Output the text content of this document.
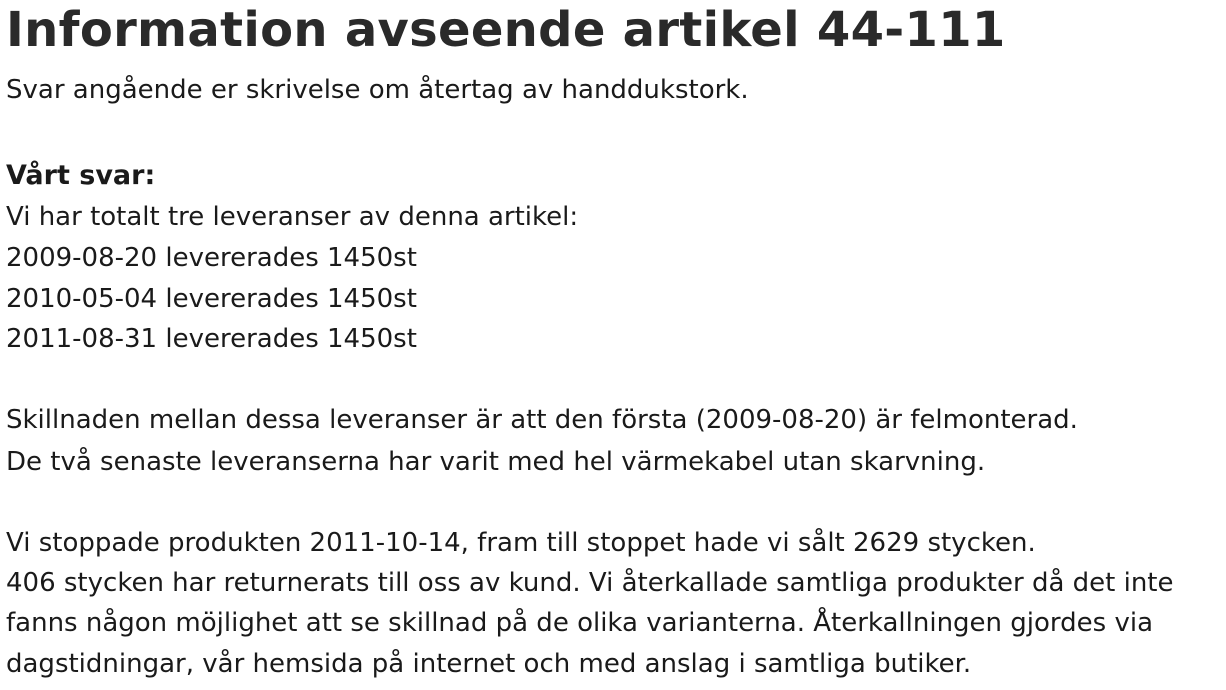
Information avseende artikel 44-111

Svar angående er skrivelse om återtag av handdukstork.

Vårt svar:

Vi har totalt tre leveranser av denna artikel:

2009-08-20 levererades 1450st

2010-05-04 levererades 1450st

2011-08-31 levererades 1450st

Skillnaden mellan dessa leveranser är att den första (2009-08-20) är felmonterad.

De två senaste leveranserna har varit med hel värmekabel utan skarvning.

Vi stoppade produkten 2011-10-14, fram till stoppet hade vi sålt 2629 stycken.

406 stycken har returnerats till oss av kund. Vi återkallade samtliga produkter då det inte

fanns någon möjlighet att se skillnad på de olika varianterna. Återkallningen gjordes via

dagstidningar, vår hemsida på internet och med anslag i samtliga butiker.
